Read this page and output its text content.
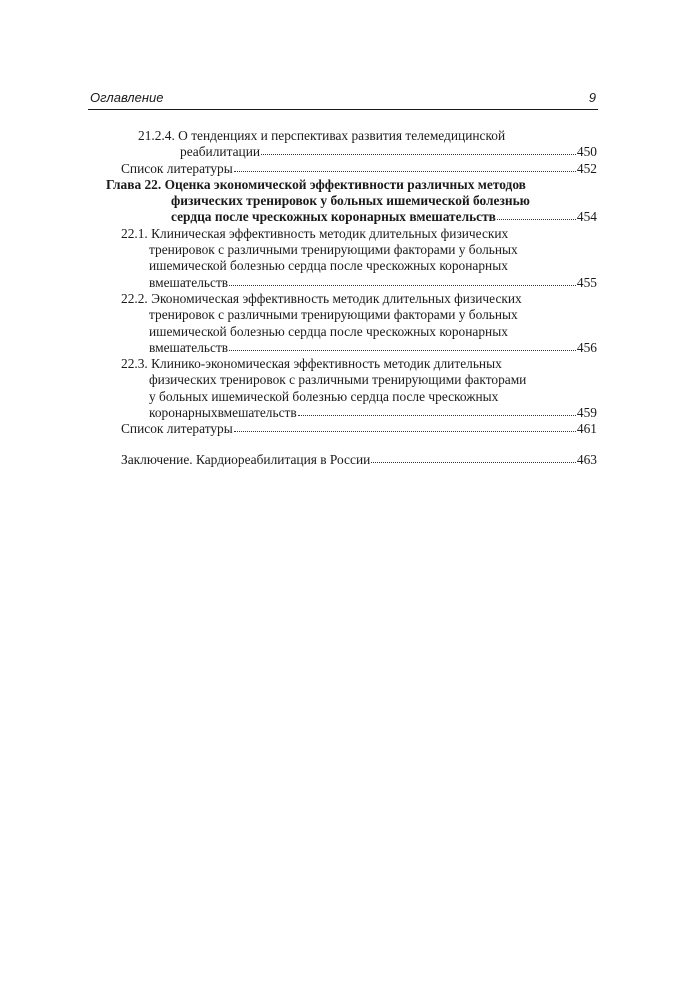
Оглавление	9
21.2.4. О тенденциях и перспективах развития телемедицинской
реабилитации	450
Список литературы	452
Глава 22. Оценка экономической эффективности различных методов
физических тренировок у больных ишемической болезнью
сердца после чрескожных коронарных вмешательств	454
22.1. Клиническая эффективность методик длительных физических
тренировок с различными тренирующими факторами у больных
ишемической болезнью сердца после чрескожных коронарных
вмешательств	455
22.2. Экономическая эффективность методик длительных физических
тренировок с различными тренирующими факторами у больных
ишемической болезнью сердца после чрескожных коронарных
вмешательств	456
22.3. Клинико-экономическая эффективность методик длительных
физических тренировок с различными тренирующими факторами
у больных ишемической болезнью сердца после чрескожных
коронарныхвмешательств	459
Список литературы	461
Заключение. Кардиореабилитация в России	463
